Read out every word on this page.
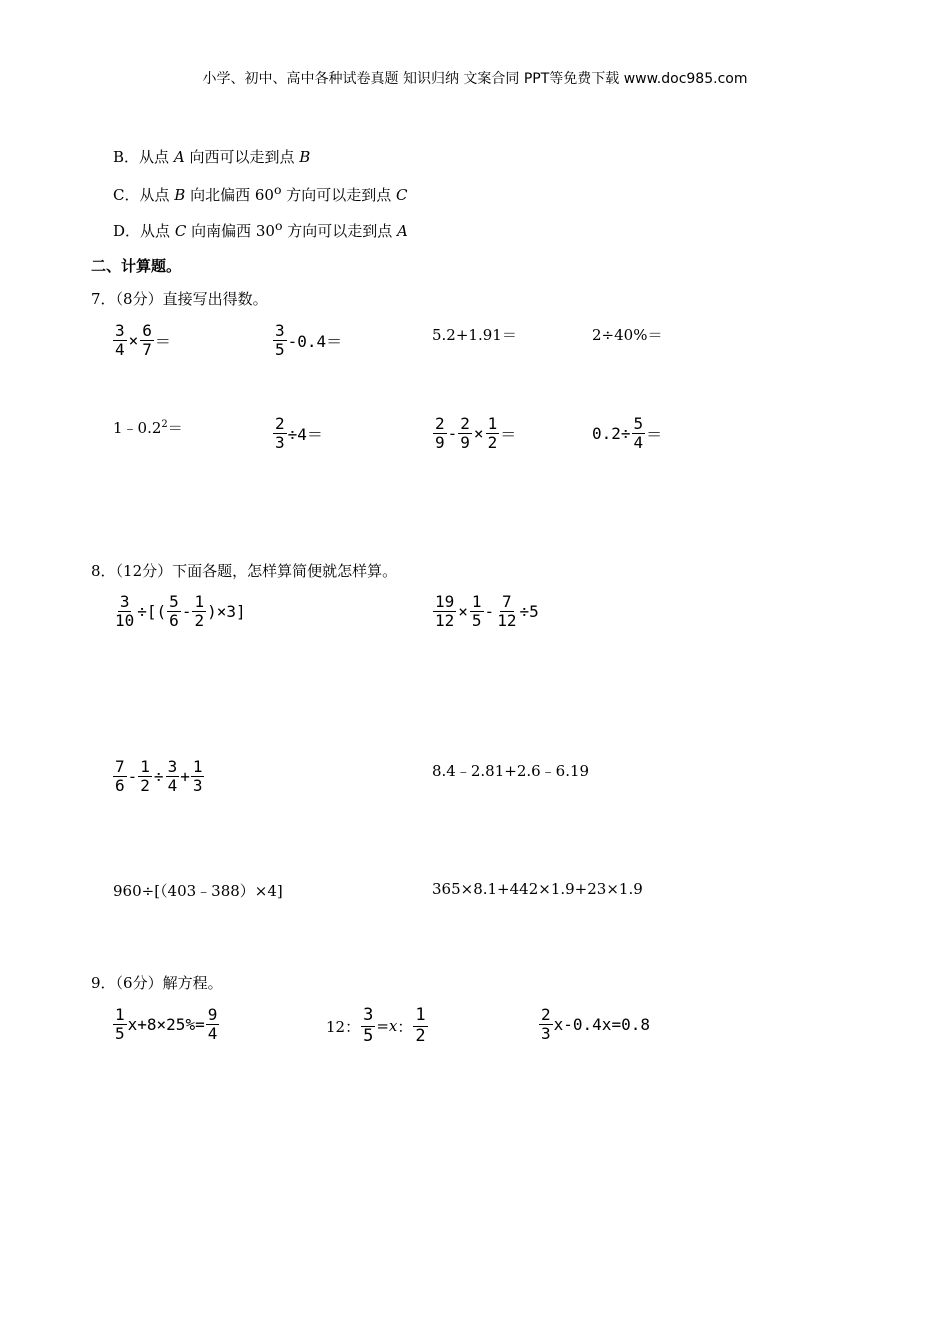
小学、初中、高中各种试卷真题 知识归纳 文案合同 PPT等免费下载 www.doc985.com
B．从点 A 向西可以走到点 B
C．从点 B 向北偏西 60$^o$ 方向可以走到点 C
D．从点 C 向南偏西 30$^o$ 方向可以走到点 A
二、计算题。
7．（8分）直接写出得数。
$\frac{3}{4} \times \frac{6}{7}$ ＝	$\frac{3}{5} -0.4=$	5.2+1.91＝	2÷40%＝
$1﹣0.2^2=$	$\frac{2}{3} \div 4=$	$\frac{2}{9} - \frac{2}{9} \times \frac{1}{2}$ ＝	$0.2\div \frac{5}{4}$ ＝
8．（12分）下面各题，怎样算简便就怎样算。
$\frac{3}{10}$ ÷[( $\frac{5}{6} - \frac{1}{2} )\times 3$]	$\frac{19}{12} \times \frac{1}{5} - \frac{7}{12} \div 5$
$\frac{7}{6} - \frac{1}{2} \div \frac{3}{4} + \frac{1}{3}$	8.4﹣2.81+2.6﹣6.19
960÷[（403﹣388）×4]	365×8.1+442×1.9+23×1.9
9．（6分）解方程。
$\frac{1}{5} x+8\times 25\%= \frac{9}{4}$	12： $\frac{3}{5} = x$ ： $\frac{1}{2}$	$\frac{2}{3} x-0.4x=0.8$
